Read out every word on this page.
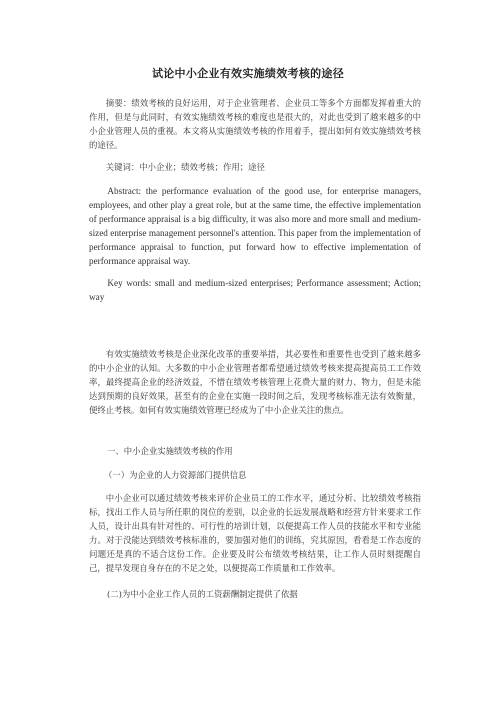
试论中小企业有效实施绩效考核的途径
摘要：绩效考核的良好运用，对于企业管理者、企业员工等多个方面都发挥着重大的作用，但是与此同时，有效实施绩效考核的难度也是很大的，对此也受到了越来越多的中小企业管理人员的重视。本文将从实施绩效考核的作用着手，提出如何有效实施绩效考核的途径。
关键词：中小企业；绩效考核；作用；途径
Abstract: the performance evaluation of the good use, for enterprise managers, employees, and other play a great role, but at the same time, the effective implementation of performance appraisal is a big difficulty, it was also more and more small and medium-sized enterprise management personnel's attention. This paper from the implementation of performance appraisal to function, put forward how to effective implementation of performance appraisal way.
Key words: small and medium-sized enterprises; Performance assessment; Action; way
有效实施绩效考核是企业深化改革的重要举措，其必要性和重要性也受到了越来越多的中小企业的认知。大多数的中小企业管理者都希望通过绩效考核来提高提高员工工作效率，最终提高企业的经济效益，不惜在绩效考核管理上花费大量的财力、物力，但是未能达到预期的良好效果，甚至有的企业在实施一段时间之后，发现考核标准无法有效衡量，便终止考核。如何有效实施绩效管理已经成为了中小企业关注的焦点。
一、中小企业实施绩效考核的作用
（一）为企业的人力资源部门提供信息
中小企业可以通过绩效考核来评价企业员工的工作水平，通过分析、比较绩效考核指标，找出工作人员与所任职的岗位的差别，以企业的长远发展战略和经营方针来要求工作人员，设计出具有针对性的、可行性的培训计划，以便提高工作人员的技能水平和专业能力。对于没能达到绩效考核标准的，要加强对他们的训练，究其原因，看看是工作态度的问题还是真的不适合这份工作。企业要及时公布绩效考核结果，让工作人员时刻提醒自己，提早发现自身存在的不足之处，以便提高工作质量和工作效率。
(二)为中小企业工作人员的工资薪酬制定提供了依据
